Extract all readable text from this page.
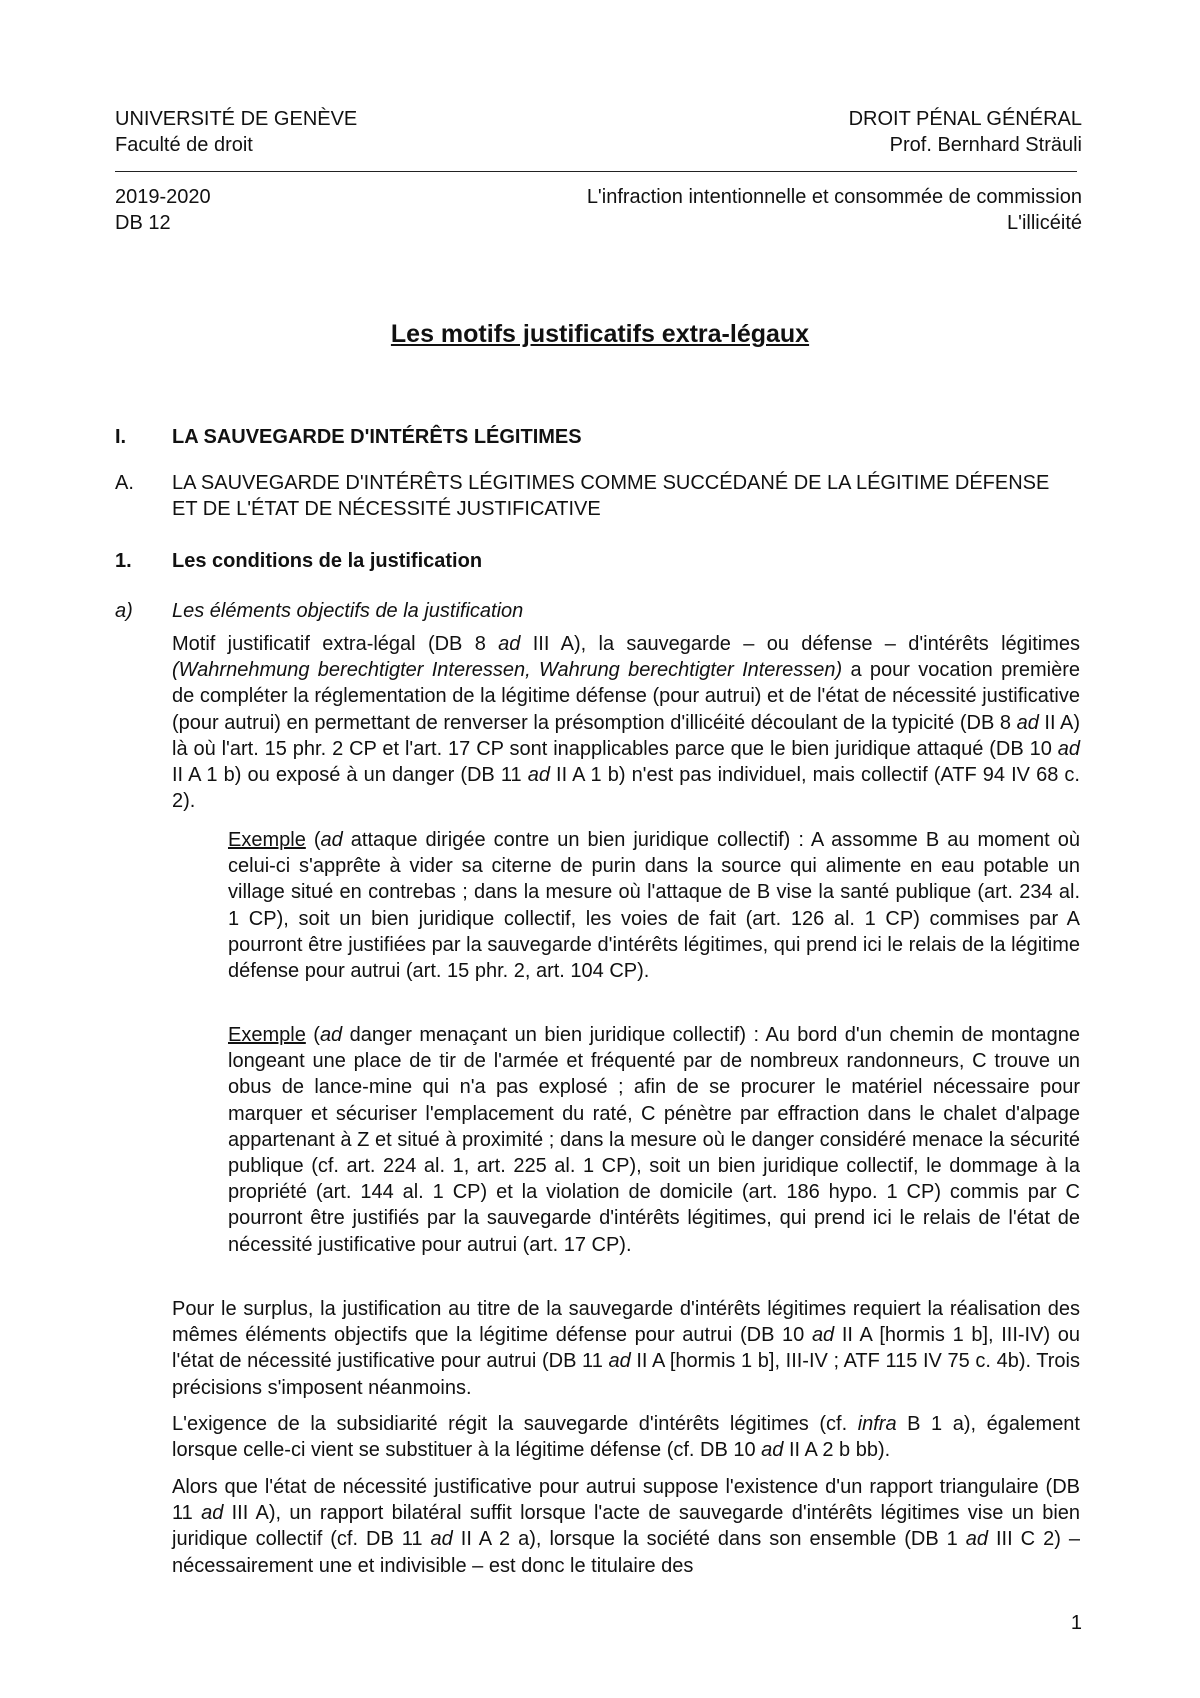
UNIVERSITÉ DE GENÈVE
Faculté de droit
DROIT PÉNAL GÉNÉRAL
Prof. Bernhard Sträuli
2019-2020
DB 12
L'infraction intentionnelle et consommée de commission
L'illicéité
Les motifs justificatifs extra-légaux
I. LA SAUVEGARDE D'INTÉRÊTS LÉGITIMES
A. LA SAUVEGARDE D'INTÉRÊTS LÉGITIMES COMME SUCCÉDANÉ DE LA LÉGITIME DÉFENSE ET DE L'ÉTAT DE NÉCESSITÉ JUSTIFICATIVE
1. Les conditions de la justification
a) Les éléments objectifs de la justification
Motif justificatif extra-légal (DB 8 ad III A), la sauvegarde – ou défense – d'intérêts légitimes (Wahrnehmung berechtigter Interessen, Wahrung berechtigter Interessen) a pour vocation première de compléter la réglementation de la légitime défense (pour autrui) et de l'état de nécessité justificative (pour autrui) en permettant de renverser la présomption d'illicéité découlant de la typicité (DB 8 ad II A) là où l'art. 15 phr. 2 CP et l'art. 17 CP sont inapplicables parce que le bien juridique attaqué (DB 10 ad II A 1 b) ou exposé à un danger (DB 11 ad II A 1 b) n'est pas individuel, mais collectif (ATF 94 IV 68 c. 2).
Exemple (ad attaque dirigée contre un bien juridique collectif) : A assomme B au moment où celui-ci s'apprête à vider sa citerne de purin dans la source qui alimente en eau potable un village situé en contrebas ; dans la mesure où l'attaque de B vise la santé publique (art. 234 al. 1 CP), soit un bien juridique collectif, les voies de fait (art. 126 al. 1 CP) commises par A pourront être justifiées par la sauvegarde d'intérêts légitimes, qui prend ici le relais de la légitime défense pour autrui (art. 15 phr. 2, art. 104 CP).
Exemple (ad danger menaçant un bien juridique collectif) : Au bord d'un chemin de montagne longeant une place de tir de l'armée et fréquenté par de nombreux randonneurs, C trouve un obus de lance-mine qui n'a pas explosé ; afin de se procurer le matériel nécessaire pour marquer et sécuriser l'emplacement du raté, C pénètre par effraction dans le chalet d'alpage appartenant à Z et situé à proximité ; dans la mesure où le danger considéré menace la sécurité publique (cf. art. 224 al. 1, art. 225 al. 1 CP), soit un bien juridique collectif, le dommage à la propriété (art. 144 al. 1 CP) et la violation de domicile (art. 186 hypo. 1 CP) commis par C pourront être justifiés par la sauvegarde d'intérêts légitimes, qui prend ici le relais de l'état de nécessité justificative pour autrui (art. 17 CP).
Pour le surplus, la justification au titre de la sauvegarde d'intérêts légitimes requiert la réalisation des mêmes éléments objectifs que la légitime défense pour autrui (DB 10 ad II A [hormis 1 b], III-IV) ou l'état de nécessité justificative pour autrui (DB 11 ad II A [hormis 1 b], III-IV ; ATF 115 IV 75 c. 4b). Trois précisions s'imposent néanmoins.
L'exigence de la subsidiarité régit la sauvegarde d'intérêts légitimes (cf. infra B 1 a), également lorsque celle-ci vient se substituer à la légitime défense (cf. DB 10 ad II A 2 b bb).
Alors que l'état de nécessité justificative pour autrui suppose l'existence d'un rapport triangulaire (DB 11 ad III A), un rapport bilatéral suffit lorsque l'acte de sauvegarde d'intérêts légitimes vise un bien juridique collectif (cf. DB 11 ad II A 2 a), lorsque la société dans son ensemble (DB 1 ad III C 2) – nécessairement une et indivisible – est donc le titulaire des
1
